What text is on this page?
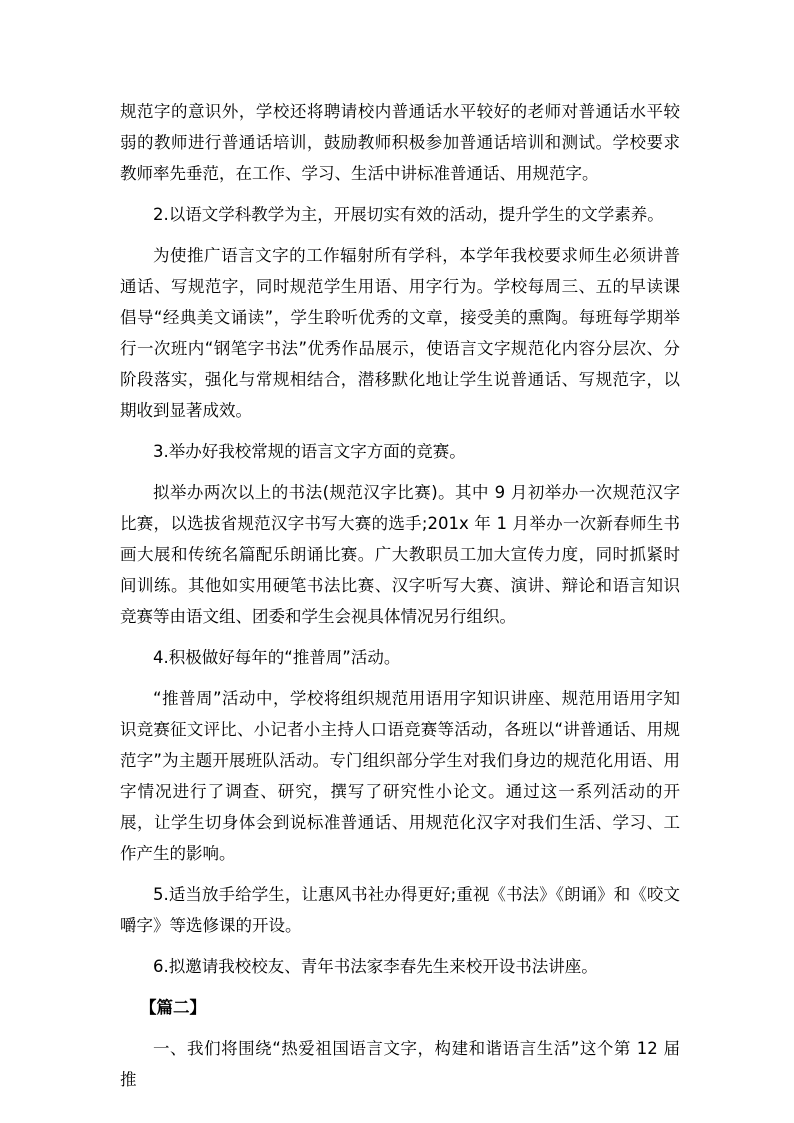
规范字的意识外，学校还将聘请校内普通话水平较好的老师对普通话水平较弱的教师进行普通话培训，鼓励教师积极参加普通话培训和测试。学校要求教师率先垂范，在工作、学习、生活中讲标准普通话、用规范字。

2.以语文学科教学为主，开展切实有效的活动，提升学生的文学素养。

为使推广语言文字的工作辐射所有学科，本学年我校要求师生必须讲普通话、写规范字，同时规范学生用语、用字行为。学校每周三、五的早读课倡导“经典美文诵读”，学生聆听优秀的文章，接受美的熏陶。每班每学期举行一次班内“钢笔字书法”优秀作品展示，使语言文字规范化内容分层次、分阶段落实，强化与常规相结合，潜移默化地让学生说普通话、写规范字，以期收到显著成效。

3.举办好我校常规的语言文字方面的竞赛。

拟举办两次以上的书法(规范汉字比赛)。其中 9 月初举办一次规范汉字比赛，以选拔省规范汉字书写大赛的选手;201x 年 1 月举办一次新春师生书画大展和传统名篇配乐朗诵比赛。广大教职员工加大宣传力度，同时抓紧时间训练。其他如实用硬笔书法比赛、汉字听写大赛、演讲、辩论和语言知识竞赛等由语文组、团委和学生会视具体情况另行组织。

4.积极做好每年的“推普周”活动。

“推普周”活动中，学校将组织规范用语用字知识讲座、规范用语用字知识竞赛征文评比、小记者小主持人口语竞赛等活动，各班以“讲普通话、用规范字”为主题开展班队活动。专门组织部分学生对我们身边的规范化用语、用字情况进行了调查、研究，撰写了研究性小论文。通过这一系列活动的开展，让学生切身体会到说标准普通话、用规范化汉字对我们生活、学习、工作产生的影响。

5.适当放手给学生，让惠风书社办得更好;重视《书法》《朗诵》和《咬文嚼字》等选修课的开设。

6.拟邀请我校校友、青年书法家李春先生来校开设书法讲座。

【篇二】

一、我们将围绕“热爱祖国语言文字，构建和谐语言生活”这个第 12 届推
